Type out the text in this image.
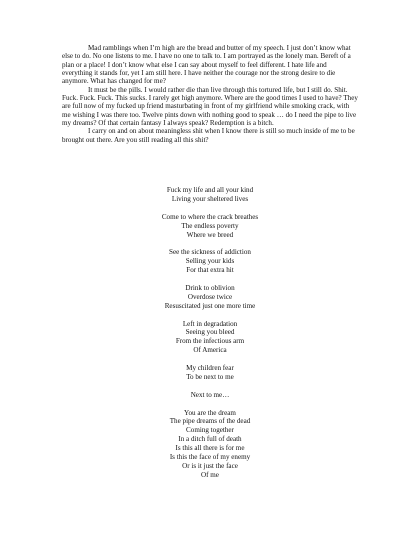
Mad ramblings when I’m high are the bread and butter of my speech. I just don’t know what else to do. No one listens to me. I have no one to talk to. I am portrayed as the lonely man. Bereft of a plan or a place! I don’t know what else I can say about myself to feel different. I hate life and everything it stands for, yet I am still here. I have neither the courage nor the strong desire to die anymore. What has changed for me?

It must be the pills. I would rather die than live through this tortured life, but I still do. Shit. Fuck. Fuck. Fuck. This sucks. I rarely get high anymore. Where are the good times I used to have? They are full now of my fucked up friend masturbating in front of my girlfriend while smoking crack, with me wishing I was there too. Twelve pints down with nothing good to speak … do I need the pipe to live my dreams? Of that certain fantasy I always speak? Redemption is a bitch.

I carry on and on about meaningless shit when I know there is still so much inside of me to be brought out there. Are you still reading all this shit?

Fuck my life and all your kind
Living your sheltered lives
Come to where the crack breathes
The endless poverty
Where we breed
See the sickness of addiction
Selling your kids
For that extra hit
Drink to oblivion
Overdose twice
Resuscitated just one more time
Left in degradation
Seeing you bleed
From the infectious arm
Of America
My children fear
To be next to me
Next to me…
You are the dream
The pipe dreams of the dead
Coming together
In a ditch full of death
Is this all there is for me
Is this the face of my enemy
Or is it just the face
Of me
